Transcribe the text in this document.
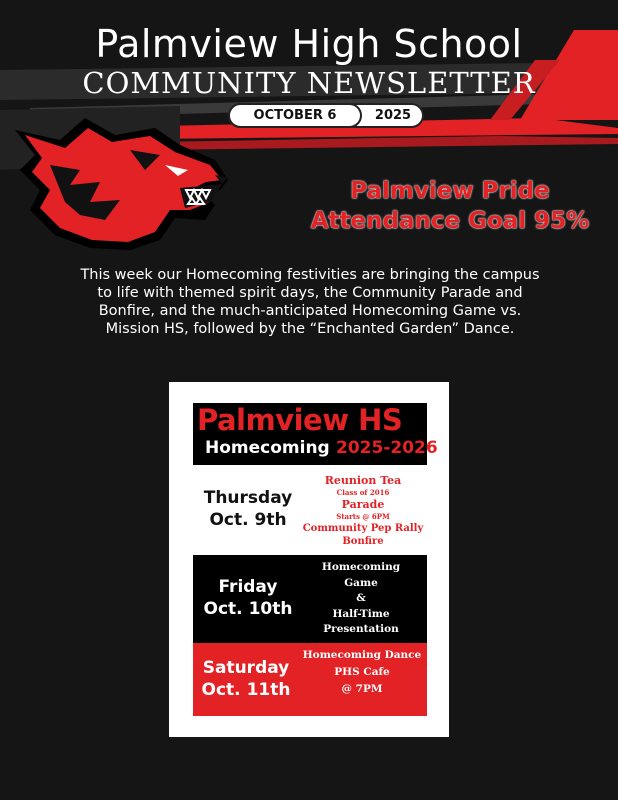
Palmview High School
COMMUNITY NEWSLETTER
OCTOBER 6	2025
Palmview Pride
Attendance Goal 95%
This week our Homecoming festivities are bringing the campus to life with themed spirit days, the Community Parade and Bonfire, and the much-anticipated Homecoming Game vs. Mission HS, followed by the “Enchanted Garden” Dance.
Palmview HS
Homecoming 2025-2026
Thursday
Oct. 9th
Reunion Tea
Class of 2016
Parade
Starts @ 6PM
Community Pep Rally
Bonfire
Friday
Oct. 10th
Homecoming
Game
&
Half-Time
Presentation
Saturday
Oct. 11th
Homecoming Dance
PHS Cafe
@ 7PM
“ENCHANTED GARDEN”
